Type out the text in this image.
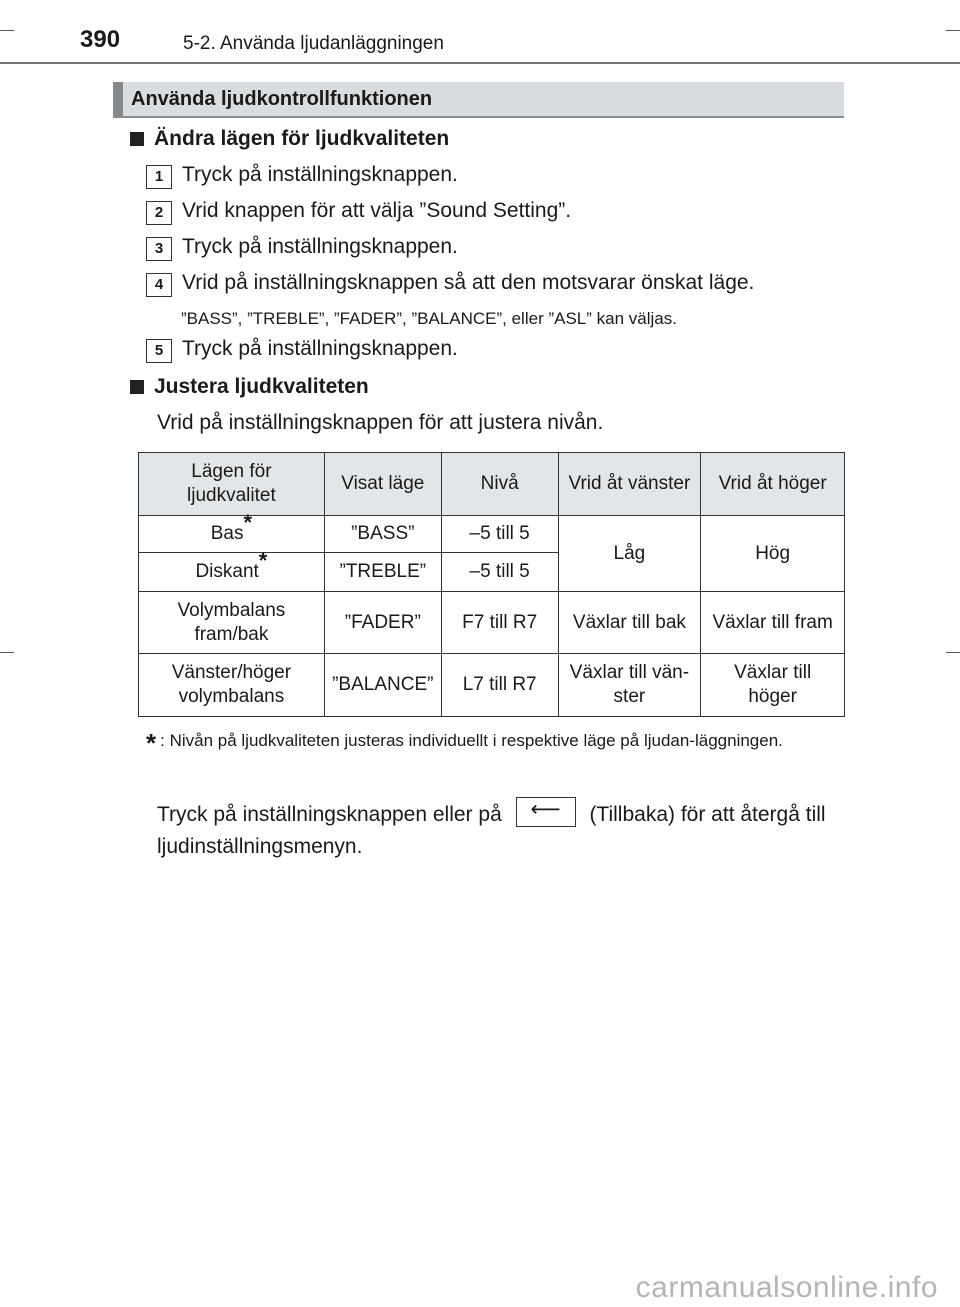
390	5-2. Använda ljudanläggningen
Använda ljudkontrollfunktionen
Ändra lägen för ljudkvaliteten
1 Tryck på inställningsknappen.
2 Vrid knappen för att välja ”Sound Setting”.
3 Tryck på inställningsknappen.
4 Vrid på inställningsknappen så att den motsvarar önskat läge.
”BASS”, ”TREBLE”, ”FADER”, ”BALANCE”, eller ”ASL” kan väljas.
5 Tryck på inställningsknappen.
Justera ljudkvaliteten
Vrid på inställningsknappen för att justera nivån.
Lägen för ljudkvalitet	Visat läge	Nivå	Vrid åt vänster	Vrid åt höger
Bas*	”BASS”	–5 till 5	Låg	Hög
Diskant*	”TREBLE”	–5 till 5		
Volymbalans fram/bak	”FADER”	F7 till R7	Växlar till bak	Växlar till fram
Vänster/höger volymbalans	”BALANCE”	L7 till R7	Växlar till vän-ster	Växlar till höger
* : Nivån på ljudkvaliteten justeras individuellt i respektive läge på ljudan-läggningen.
Tryck på inställningsknappen eller på ⟵ (Tillbaka) för att återgå till ljudinställningsmenyn.
carmanualsonline.info
